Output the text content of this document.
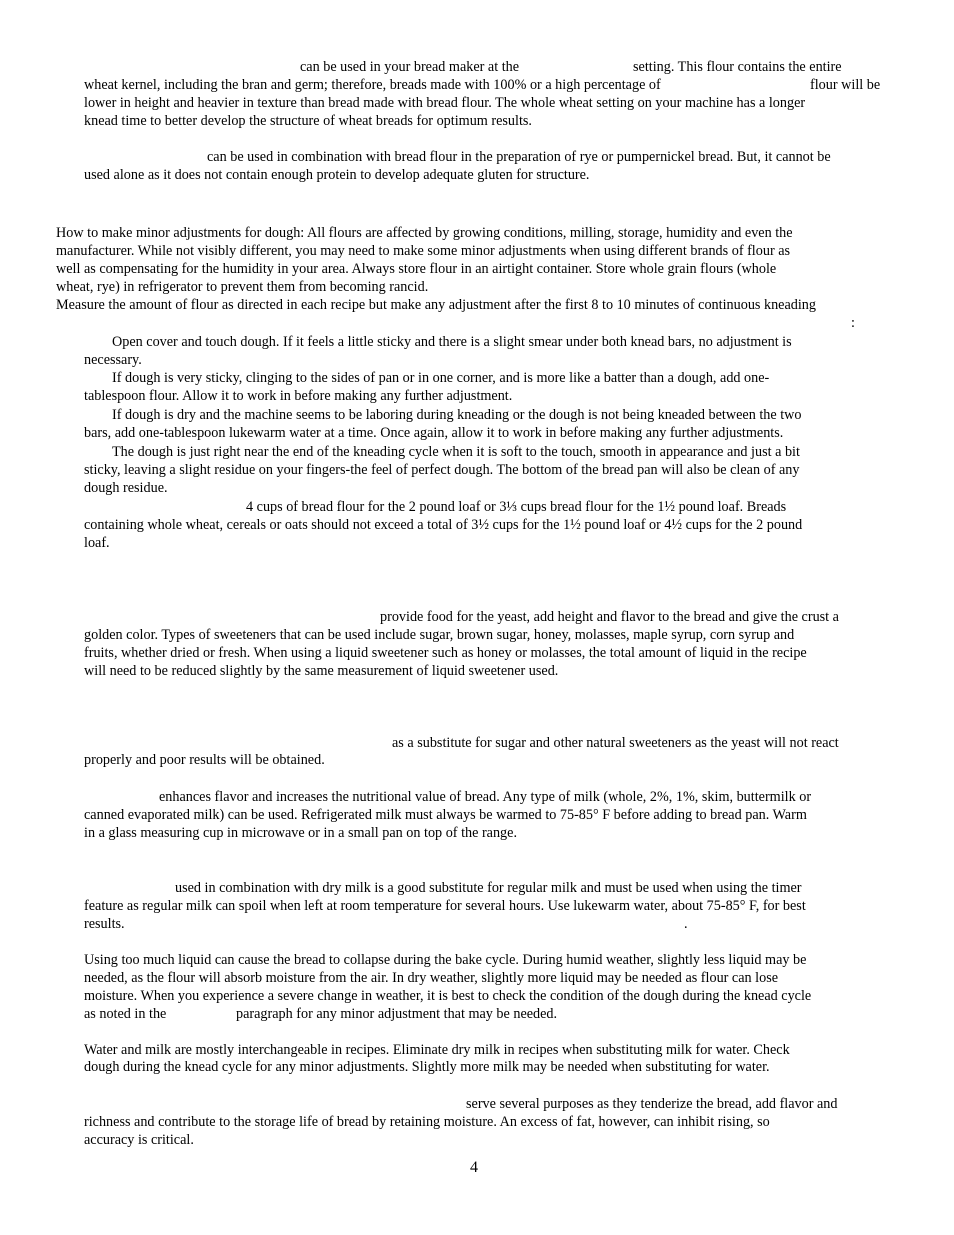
can be used in your bread maker at the	setting. This flour contains the entire
wheat kernel, including the bran and germ; therefore, breads made with 100% or a high percentage of	flour will be
lower in height and heavier in texture than bread made with bread flour. The whole wheat setting on your machine has a longer
knead time to better develop the structure of wheat breads for optimum results.
can be used in combination with bread flour in the preparation of rye or pumpernickel bread. But, it cannot be
used alone as it does not contain enough protein to develop adequate gluten for structure.
How to make minor adjustments for dough: All flours are affected by growing conditions, milling, storage, humidity and even the
manufacturer. While not visibly different, you may need to make some minor adjustments when using different brands of flour as
well as compensating for the humidity in your area. Always store flour in an airtight container. Store whole grain flours (whole
wheat, rye) in refrigerator to prevent them from becoming rancid.
Measure the amount of flour as directed in each recipe but make any adjustment after the first 8 to 10 minutes of continuous kneading
:
Open cover and touch dough. If it feels a little sticky and there is a slight smear under both knead bars, no adjustment is
necessary.
If dough is very sticky, clinging to the sides of pan or in one corner, and is more like a batter than a dough, add one-
tablespoon flour. Allow it to work in before making any further adjustment.
If dough is dry and the machine seems to be laboring during kneading or the dough is not being kneaded between the two
bars, add one-tablespoon lukewarm water at a time. Once again, allow it to work in before making any further adjustments.
The dough is just right near the end of the kneading cycle when it is soft to the touch, smooth in appearance and just a bit
sticky, leaving a slight residue on your fingers-the feel of perfect dough. The bottom of the bread pan will also be clean of any
dough residue.
4 cups of bread flour for the 2 pound loaf or 3⅓ cups bread flour for the 1½ pound loaf. Breads
containing whole wheat, cereals or oats should not exceed a total of 3½ cups for the 1½ pound loaf or 4½ cups for the 2 pound
loaf.
provide food for the yeast, add height and flavor to the bread and give the crust a
golden color. Types of sweeteners that can be used include sugar, brown sugar, honey, molasses, maple syrup, corn syrup and
fruits, whether dried or fresh. When using a liquid sweetener such as honey or molasses, the total amount of liquid in the recipe
will need to be reduced slightly by the same measurement of liquid sweetener used.
as a substitute for sugar and other natural sweeteners as the yeast will not react
properly and poor results will be obtained.
enhances flavor and increases the nutritional value of bread. Any type of milk (whole, 2%, 1%, skim, buttermilk or
canned evaporated milk) can be used. Refrigerated milk must always be warmed to 75-85° F before adding to bread pan. Warm
in a glass measuring cup in microwave or in a small pan on top of the range.
used in combination with dry milk is a good substitute for regular milk and must be used when using the timer
feature as regular milk can spoil when left at room temperature for several hours. Use lukewarm water, about 75-85° F, for best
results.	.
Using too much liquid can cause the bread to collapse during the bake cycle. During humid weather, slightly less liquid may be
needed, as the flour will absorb moisture from the air. In dry weather, slightly more liquid may be needed as flour can lose
moisture. When you experience a severe change in weather, it is best to check the condition of the dough during the knead cycle
as noted in the	paragraph for any minor adjustment that may be needed.
Water and milk are mostly interchangeable in recipes. Eliminate dry milk in recipes when substituting milk for water. Check
dough during the knead cycle for any minor adjustments. Slightly more milk may be needed when substituting for water.
serve several purposes as they tenderize the bread, add flavor and
richness and contribute to the storage life of bread by retaining moisture. An excess of fat, however, can inhibit rising, so
accuracy is critical.
4
